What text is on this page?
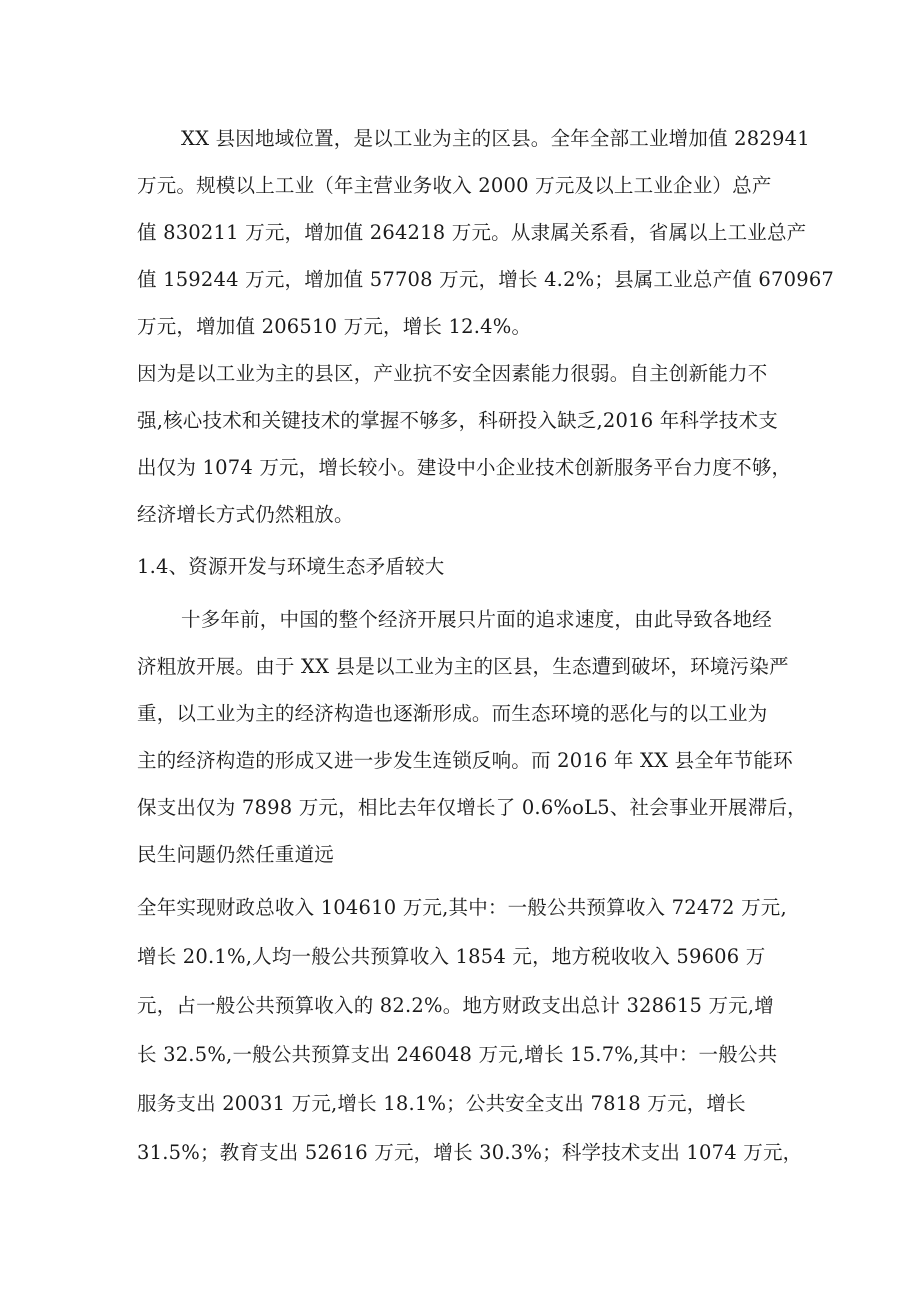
XX 县因地域位置，是以工业为主的区县。全年全部工业增加值 282941
万元。规模以上工业（年主营业务收入 2000 万元及以上工业企业）总产
值 830211 万元，增加值 264218 万元。从隶属关系看，省属以上工业总产
值 159244 万元，增加值 57708 万元，增长 4.2%；县属工业总产值 670967
万元，增加值 206510 万元，增长 12.4%。
因为是以工业为主的县区，产业抗不安全因素能力很弱。自主创新能力不
强,核心技术和关键技术的掌握不够多，科研投入缺乏,2016 年科学技术支
出仅为 1074 万元，增长较小。建设中小企业技术创新服务平台力度不够，
经济增长方式仍然粗放。
1.4、资源开发与环境生态矛盾较大
十多年前，中国的整个经济开展只片面的追求速度，由此导致各地经
济粗放开展。由于 XX 县是以工业为主的区县，生态遭到破坏，环境污染严
重，以工业为主的经济构造也逐渐形成。而生态环境的恶化与的以工业为
主的经济构造的形成又进一步发生连锁反响。而 2016 年 XX 县全年节能环
保支出仅为 7898 万元，相比去年仅增长了 0.6%oL5、社会事业开展滞后，
民生问题仍然任重道远
全年实现财政总收入 104610 万元,其中：一般公共预算收入 72472 万元,
增长 20.1%,人均一般公共预算收入 1854 元，地方税收收入 59606 万
元，占一般公共预算收入的 82.2%。地方财政支出总计 328615 万元,增
长 32.5%,一般公共预算支出 246048 万元,增长 15.7%,其中：一般公共
服务支出 20031 万元,增长 18.1%；公共安全支出 7818 万元，增长
31.5%；教育支出 52616 万元，增长 30.3%；科学技术支出 1074 万元，
